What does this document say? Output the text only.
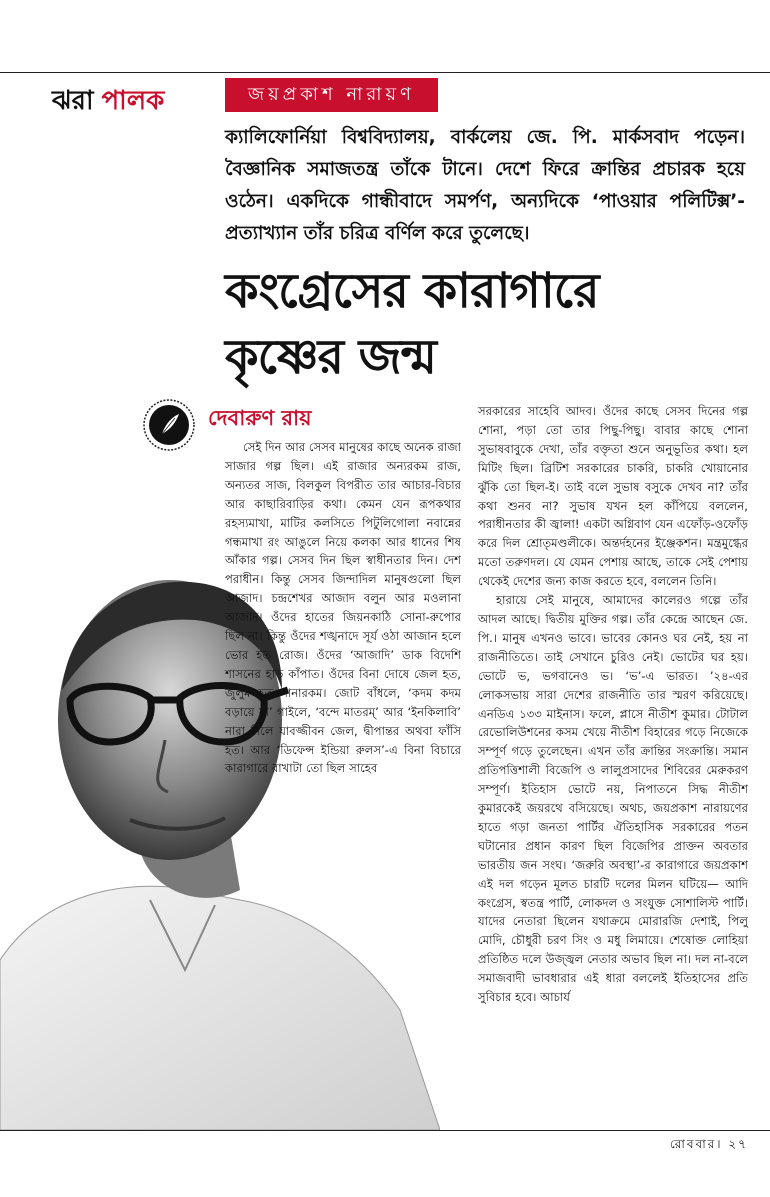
ঝরা পালক	জয়প্রকাশ নারায়ণ
ক্যালিফোর্নিয়া বিশ্ববিদ্যালয়, বার্কলেয় জে. পি. মার্কসবাদ পড়েন। বৈজ্ঞানিক সমাজতন্ত্র তাঁকে টানে। দেশে ফিরে ক্রান্তির প্রচারক হয়ে ওঠেন। একদিকে গান্ধীবাদে সমর্পণ, অন্যদিকে ‘পাওয়ার পলিটিক্স’- প্রত্যাখ্যান তাঁর চরিত্র বর্ণিল করে তুলেছে।
কংগ্রেসের কারাগারে
কৃষ্ণের জন্ম
দেবারুণ রায়

সেই দিন আর সেসব মানুষের কাছে অনেক রাজা সাজার গল্প ছিল। এই রাজার অন্যরকম রাজ, অন্যতর সাজ, বিলকুল বিপরীত তার আচার-বিচার আর কাছারিবাড়ির কথা। কেমন যেন রূপকথার রহস্যমাখা, মাটির কলসিতে পিটুলিগোলা নবান্নের গন্ধমাখা রং আঙুলে নিয়ে কলকা আর ধানের শিষ আঁকার গল্প। সেসব দিন ছিল স্বাধীনতার দিন। দেশ পরাধীন। কিন্তু সেসব জিন্দাদিল মানুষগুলো ছিল আজাদ। চন্দ্রশেখর আজাদ বলুন আর মওলানা আজাদ। ওঁদের হাতের জিয়নকাঠি সোনা-রুপোর ছিল না। কিন্তু ওঁদের শঙ্খনাদে সূর্য ওঠা আজান হলে ভোর হত রোজ। ওঁদের ‘আজাদি’ ডাক বিদেশি শাসনের হাড় কাঁপাত। ওঁদের বিনা দোষে জেল হত, জুলুম হত নানারকম। জোট বাঁধলে, ‘কদম কদম বড়ায়ে যা’ গাইলে, ‘বন্দে মাতরম্’ আর ‘ইনকিলাবি’ নারা দিলে যাবজ্জীবন জেল, দ্বীপান্তর অথবা ফাঁসি হত। আর ‘ডিফেন্স ইন্ডিয়া রুলস’-এ বিনা বিচারে কারাগারে রাখাটা তো ছিল সাহেব

সরকারের সাহেবি আদব। ওঁদের কাছে সেসব দিনের গল্প শোনা, পড়া তো তার পিছু-পিছু। বাবার কাছে শোনা সুভাষবাবুকে দেখা, তাঁর বক্তৃতা শুনে অনুভূতির কথা। হল মিটিং ছিল। ব্রিটিশ সরকারের চাকরি, চাকরি খোয়ানোর ঝুঁকি তো ছিল-ই। তাই বলে সুভাষ বসুকে দেখব না? তাঁর কথা শুনব না? সুভাষ যখন হল কাঁপিয়ে বললেন, পরাধীনতার কী জ্বালা! একটা অগ্নিবাণ যেন এফোঁড়-ওফোঁড় করে দিল শ্রোতৃমণ্ডলীকে। অন্তর্দহনের ইঞ্জেকশন। মন্ত্রমুগ্ধের মতো তরুণদল। যে যেমন পেশায় আছে, তাকে সেই পেশায় থেকেই দেশের জন্য কাজ করতে হবে, বললেন তিনি।

হারায়ে সেই মানুষে, আমাদের কালেরও গল্পে তাঁর আদল আছে। দ্বিতীয় মুক্তির গল্প। তাঁর কেন্দ্রে আছেন জে. পি.। মানুষ এখনও ভাবে। ভাবের কোনও ঘর নেই, হয় না রাজনীতিতে। তাই সেখানে চুরিও নেই। ভোটের ঘর হয়। ভোটে ভ, ভগবানেও ভ। ‘ভ’-এ ভারত। ’২৪-এর লোকসভায় সারা দেশের রাজনীতি তার স্মরণ করিয়েছে। এনডিএ ১৩৩ মাইনাস। ফলে, প্লাসে নীতীশ কুমার। টোটাল রেভোলিউশনের কসম খেয়ে নীতীশ বিহারের গড়ে নিজেকে সম্পূর্ণ গড়ে তুলেছেন। এখন তাঁর ক্রান্তির সংক্রান্তি। সমান প্রতিপত্তিশালী বিজেপি ও লালুপ্রসাদের শিবিরের মেরুকরণ সম্পূর্ণ। ইতিহাস ভোটে নয়, নিপাতনে সিদ্ধ নীতীশ কুমারকেই জয়রথে বসিয়েছে। অথচ, জয়প্রকাশ নারায়ণের হাতে গড়া জনতা পার্টির ঐতিহাসিক সরকারের পতন ঘটানোর প্রধান কারণ ছিল বিজেপির প্রাক্তন অবতার ভারতীয় জন সংঘ। ‘জরুরি অবস্থা’-র কারাগারে জয়প্রকাশ এই দল গড়েন মূলত চারটি দলের মিলন ঘটিয়ে— আদি কংগ্রেস, স্বতন্ত্র পার্টি, লোকদল ও সংযুক্ত সোশালিস্ট পার্টি। যাদের নেতারা ছিলেন যথাক্রমে মোরারজি দেশাই, পিলু মোদি, চৌধুরী চরণ সিং ও মধু লিমায়ে। শেষোক্ত লোহিয়া প্রতিষ্ঠিত দলে উজ্জ্বল নেতার অভাব ছিল না। দল না-বলে সমাজবাদী ভাবধারার এই ধারা বললেই ইতিহাসের প্রতি সুবিচার হবে। আচার্য

রোববার। ২৭
